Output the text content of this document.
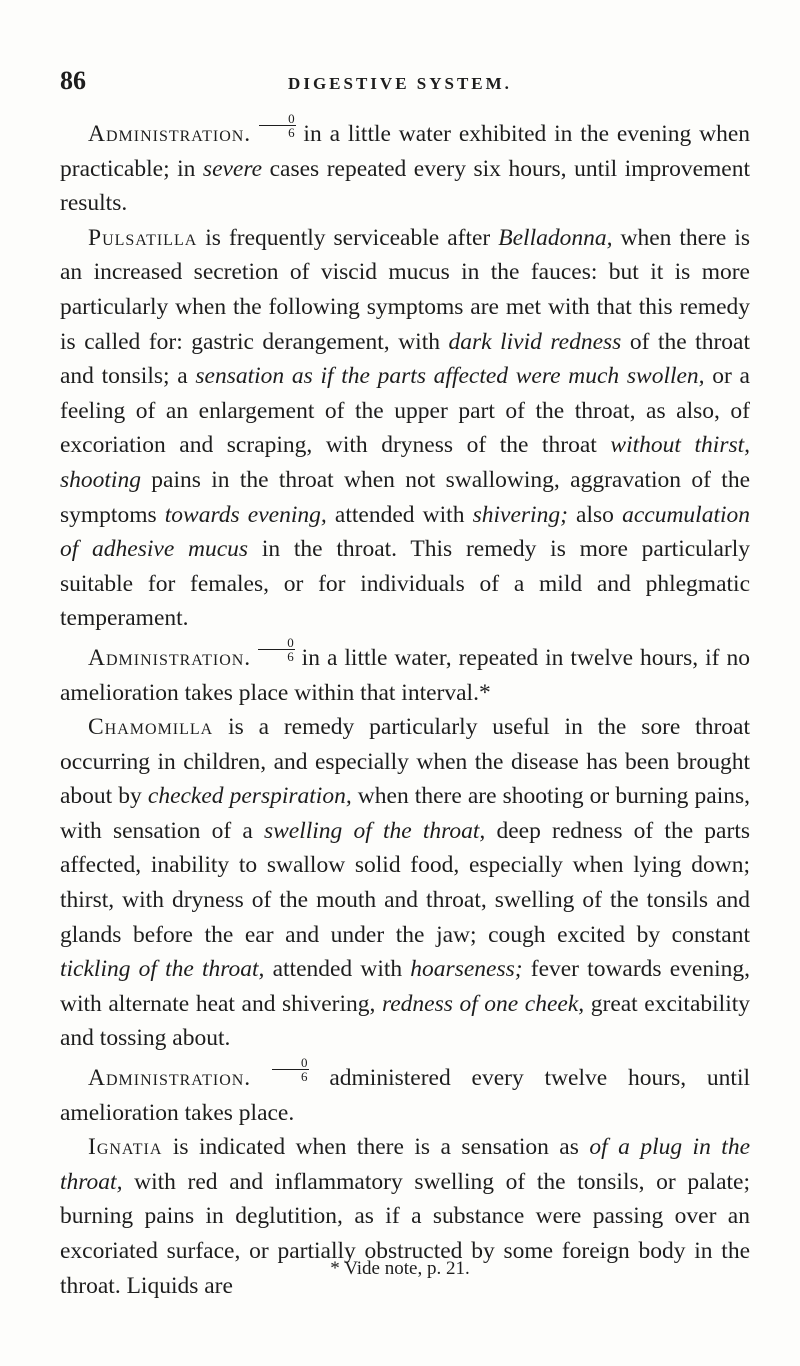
86	DIGESTIVE SYSTEM.

Administration. $\frac{0}{6}$ in a little water exhibited in the evening when practicable; in severe cases repeated every six hours, until improvement results.

Pulsatilla is frequently serviceable after Belladonna, when there is an increased secretion of viscid mucus in the fauces: but it is more particularly when the following symptoms are met with that this remedy is called for: gastric derangement, with dark livid redness of the throat and tonsils; a sensation as if the parts affected were much swollen, or a feeling of an enlargement of the upper part of the throat, as also, of excoriation and scraping, with dryness of the throat without thirst, shooting pains in the throat when not swallowing, aggravation of the symptoms towards evening, attended with shivering; also accumulation of adhesive mucus in the throat. This remedy is more particularly suitable for females, or for individuals of a mild and phlegmatic temperament.

Administration. $\frac{0}{6}$ in a little water, repeated in twelve hours, if no amelioration takes place within that interval.*

Chamomilla is a remedy particularly useful in the sore throat occurring in children, and especially when the disease has been brought about by checked perspiration, when there are shooting or burning pains, with sensation of a swelling of the throat, deep redness of the parts affected, inability to swallow solid food, especially when lying down; thirst, with dryness of the mouth and throat, swelling of the tonsils and glands before the ear and under the jaw; cough excited by constant tickling of the throat, attended with hoarseness; fever towards evening, with alternate heat and shivering, redness of one cheek, great excitability and tossing about.

Administration. $\frac{0}{6}$ administered every twelve hours, until amelioration takes place.

Ignatia is indicated when there is a sensation as of a plug in the throat, with red and inflammatory swelling of the tonsils, or palate; burning pains in deglutition, as if a substance were passing over an excoriated surface, or partially obstructed by some foreign body in the throat. Liquids are

* Vide note, p. 21.
